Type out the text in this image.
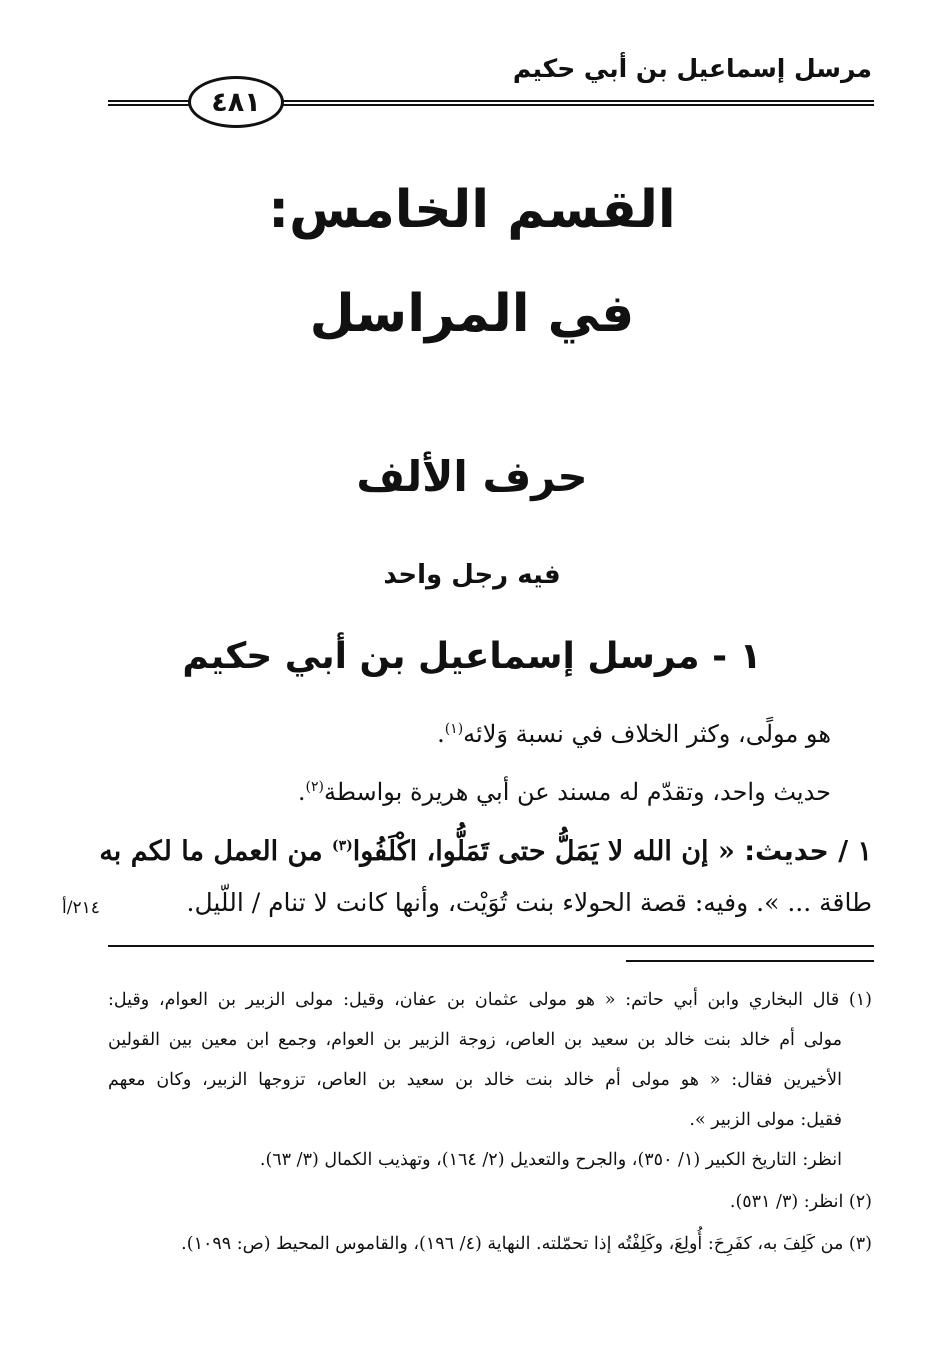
مرسل إسماعيل بن أبي حكيم
٤٨١
القسم الخامس:
في المراسل
حرف الألف
فيه رجل واحد
١ - مرسل إسماعيل بن أبي حكيم
هو مولًى، وكثر الخلاف في نسبة وَلائه$^{(١)}$.
حديث واحد، وتقدّم له مسند عن أبي هريرة بواسطة$^{(٢)}$.
١ / حديث: « إن الله لا يَمَلُّ حتى تَمَلُّوا، اكْلَفُوا$^{(٣)}$ من العمل ما لكم به
طاقة ... ». وفيه: قصة الحولاء بنت تُوَيْت، وأنها كانت لا تنام / اللّيل.
٢١٤/أ
(١) قال البخاري وابن أبي حاتم: « هو مولى عثمان بن عفان، وقيل: مولى الزبير بن العوام، وقيل:
مولى أم خالد بنت خالد بن سعيد بن العاص، زوجة الزبير بن العوام، وجمع ابن معين بين القولين
الأخيرين فقال: « هو مولى أم خالد بنت خالد بن سعيد بن العاص، تزوجها الزبير، وكان معهم
فقيل: مولى الزبير ».
انظر: التاريخ الكبير (١/ ٣٥٠)، والجرح والتعديل (٢/ ١٦٤)، وتهذيب الكمال (٣/ ٦٣).
(٢) انظر: (٣/ ٥٣١).
(٣) من كَلِفَ به، كفَرِحَ: أُولِعَ، وكَلِفْتُه إذا تحمّلته. النهاية (٤/ ١٩٦)، والقاموس المحيط (ص: ١٠٩٩).
